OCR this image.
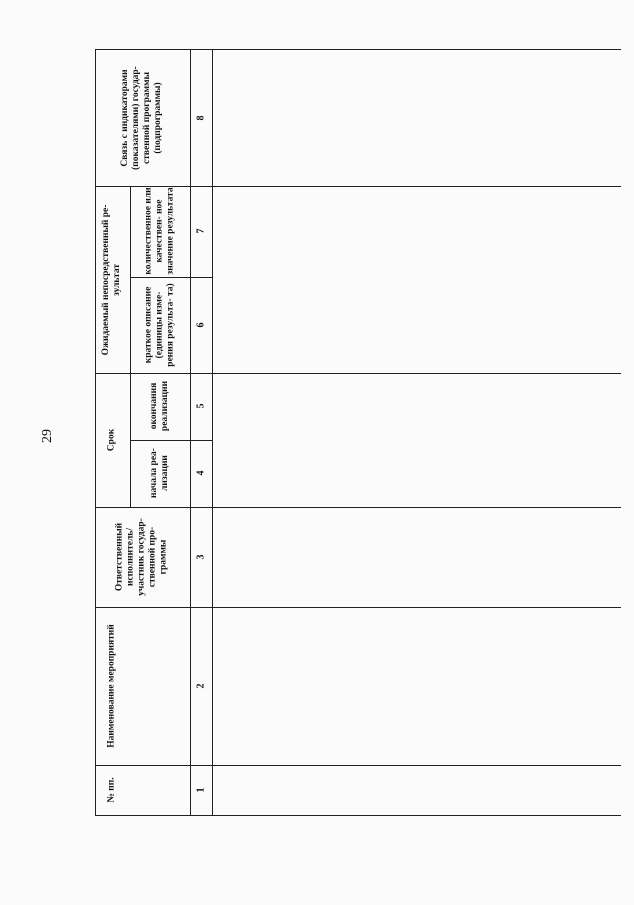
29
№ пп.
Наименование мероприятий
Ответственный исполнитель/ участник государ- ственной про- граммы
Срок
начала реа- лизации
окончания реализации
Ожидаемый непосредственный ре- зультат
краткое описание (единицы изме- рения результа- та)
количественное или качествен- ное значение результата
Связь с индикаторами (показателями) государ- ственной программы (подпрограммы)
1
2
3
4
5
6
7
8
